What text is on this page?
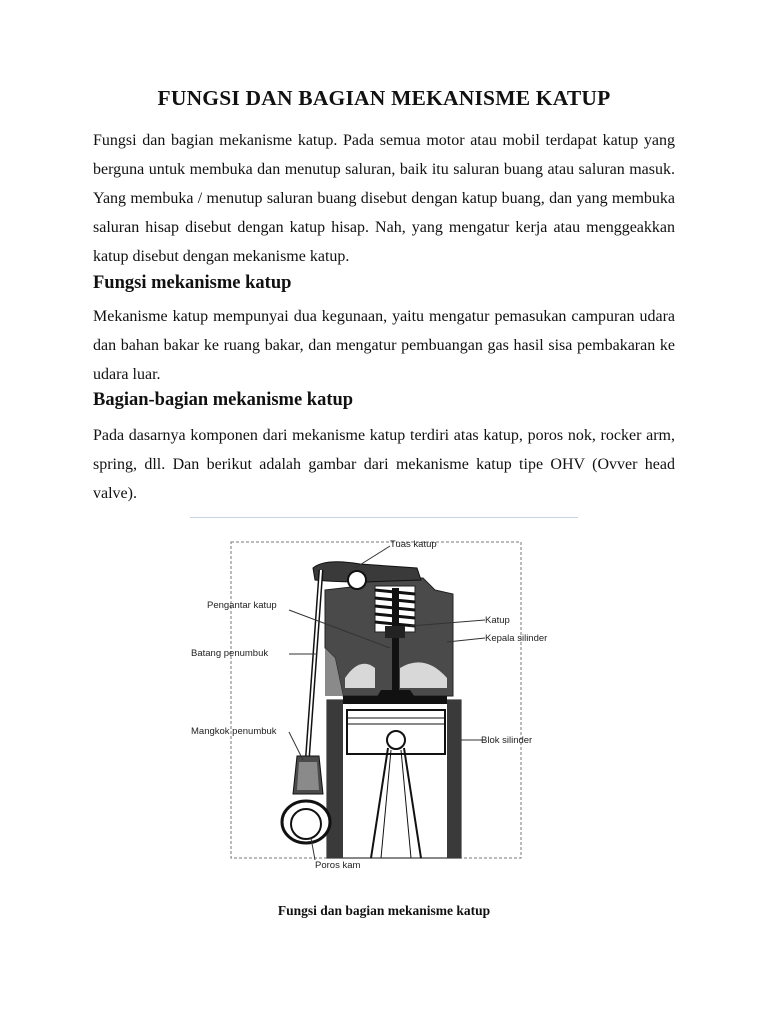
FUNGSI DAN BAGIAN MEKANISME KATUP

Fungsi dan bagian mekanisme katup. Pada semua motor atau mobil terdapat katup yang berguna untuk membuka dan menutup saluran, baik itu saluran buang atau saluran masuk. Yang membuka / menutup saluran buang disebut dengan katup buang, dan yang membuka saluran hisap disebut dengan katup hisap. Nah, yang mengatur kerja atau menggeakkan katup disebut dengan mekanisme katup.

Fungsi mekanisme katup

Mekanisme katup mempunyai dua kegunaan, yaitu mengatur pemasukan campuran udara dan bahan bakar ke ruang bakar, dan mengatur pembuangan gas hasil sisa pembakaran ke udara luar.

Bagian-bagian mekanisme katup

Pada dasarnya komponen dari mekanisme katup terdiri atas katup, poros nok, rocker arm, spring, dll. Dan berikut adalah gambar dari mekanisme katup tipe OHV (Ovver head valve).

Tuas katup
Pengantar katup
Katup
Kepala silinder
Batang penumbuk
Mangkok penumbuk
Blok silinder
Poros kam

Fungsi dan bagian mekanisme katup
